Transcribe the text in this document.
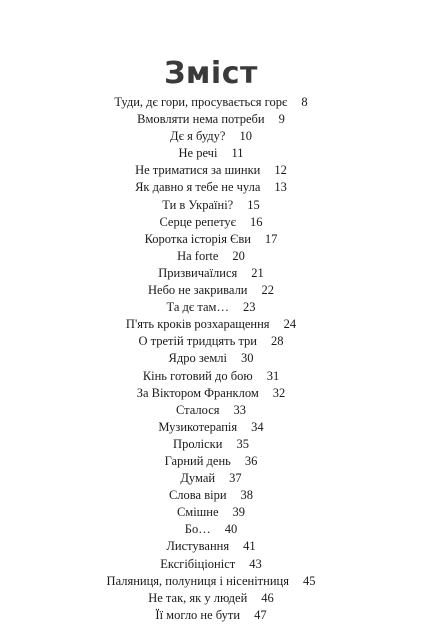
Зміст
Туди, дє гори, просувається горє 8
Вмовляти нема потреби 9
Дє я буду? 10
Не речі 11
Не триматися за шинки 12
Як давно я тебе не чула 13
Ти в Україні? 15
Серце репетує 16
Коротка історія Єви 17
На forte 20
Призвичаїлися 21
Небо не закривали 22
Та дє там… 23
П'ять кроків розхаращення 24
О третій тридцять три 28
Ядро землі 30
Кінь готовий до бою 31
За Віктором Франклом 32
Сталося 33
Музикотерапія 34
Проліски 35
Гарний день 36
Думай 37
Слова віри 38
Смішне 39
Бо… 40
Листування 41
Ексгібіціоніст 43
Паляниця, полуниця і нісенітниця 45
Не так, як у людей 46
Її могло не бути 47
